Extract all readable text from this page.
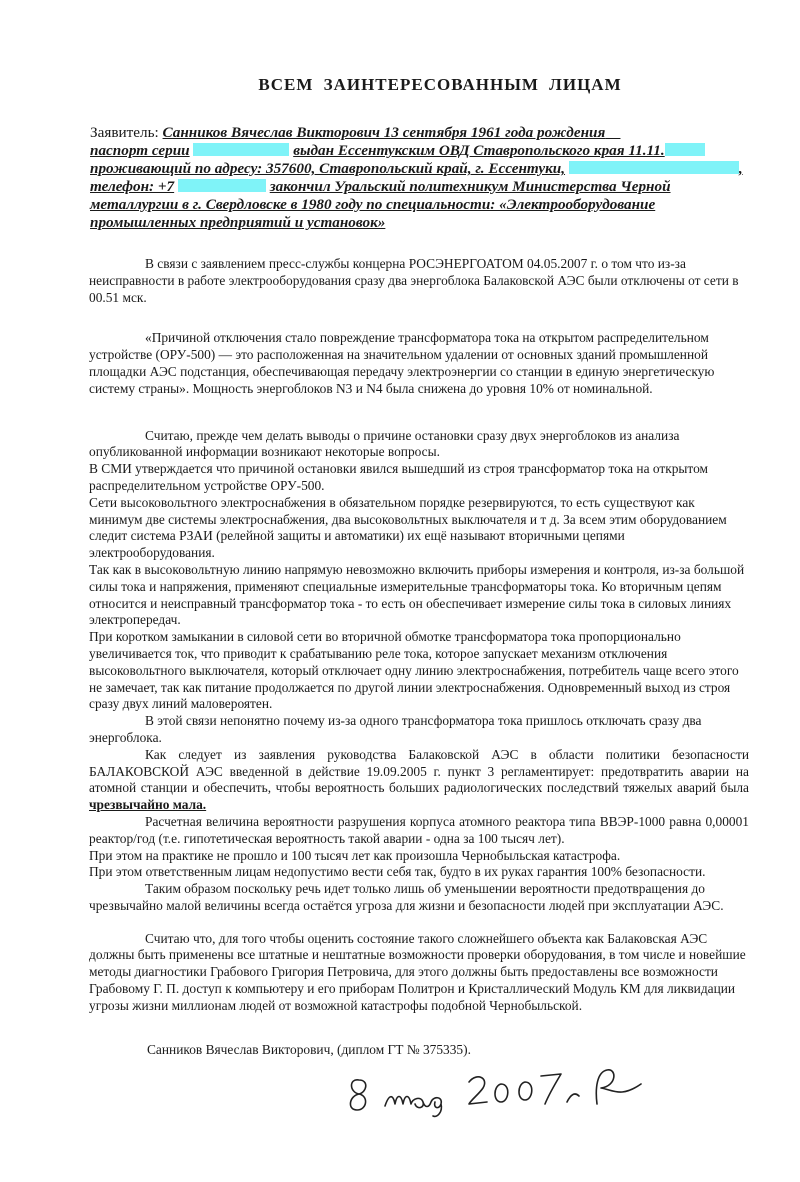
ВСЕМ ЗАИНТЕРЕСОВАННЫМ ЛИЦАМ
Заявитель: Санников Вячеслав Викторович 13 сентября 1961 года рождения
паспорт серии	выдан Ессентукским ОВД Ставропольского края 11.11.
проживающий по адресу: 357600, Ставропольский край, г. Ессентуки,	,
телефон: +7	закончил Уральский политехникум Министерства Черной
металлургии в г. Свердловске в 1980 году по специальности: «Электрооборудование
промышленных предприятий и установок»

В связи с заявлением пресс-службы концерна РОСЭНЕРГОАТОМ 04.05.2007 г. о том что из-за неисправности в работе электрооборудования сразу два энергоблока Балаковской АЭС были отключены от сети в 00.51 мск.

«Причиной отключения стало повреждение трансформатора тока на открытом распределительном устройстве (ОРУ-500) — это расположенная на значительном удалении от основных зданий промышленной площадки АЭС подстанция, обеспечивающая передачу электроэнергии со станции в единую энергетическую систему страны». Мощность энергоблоков N3 и N4 была снижена до уровня 10% от номинальной.

Считаю, прежде чем делать выводы о причине остановки сразу двух энергоблоков из анализа опубликованной информации возникают некоторые вопросы.

В СМИ утверждается что причиной остановки явился вышедший из строя трансформатор тока на открытом распределительном устройстве ОРУ-500.

Сети высоковольтного электроснабжения в обязательном порядке резервируются, то есть существуют как минимум две системы электроснабжения, два высоковольтных выключателя и т д. За всем этим оборудованием следит система РЗАИ (релейной защиты и автоматики) их ещё называют вторичными цепями электрооборудования.

Так как в высоковольтную линию напрямую невозможно включить приборы измерения и контроля, из-за большой силы тока и напряжения, применяют специальные измерительные трансформаторы тока. Ко вторичным цепям относится и неисправный трансформатор тока - то есть он обеспечивает измерение силы тока в силовых линиях электропередач.

При коротком замыкании в силовой сети во вторичной обмотке трансформатора тока пропорционально увеличивается ток, что приводит к срабатыванию реле тока, которое запускает механизм отключения высоковольтного выключателя, который отключает одну линию электроснабжения, потребитель чаще всего этого не замечает, так как питание продолжается по другой линии электроснабжения. Одновременный выход из строя сразу двух линий маловероятен.

В этой связи непонятно почему из-за одного трансформатора тока пришлось отключать сразу два энергоблока.

Как следует из заявления руководства Балаковской АЭС в области политики безопасности БАЛАКОВСКОЙ АЭС введенной в действие 19.09.2005 г. пункт 3 регламентирует: предотвратить аварии на атомной станции и обеспечить, чтобы вероятность больших радиологических последствий тяжелых аварий была чрезвычайно мала.

Расчетная величина вероятности разрушения корпуса атомного реактора типа ВВЭР-1000 равна 0,00001 реактор/год (т.е. гипотетическая вероятность такой аварии - одна за 100 тысяч лет).

При этом на практике не прошло и 100 тысяч лет как произошла Чернобыльская катастрофа.

При этом ответственным лицам недопустимо вести себя так, будто в их руках гарантия 100% безопасности.

Таким образом поскольку речь идет только лишь об уменьшении вероятности предотвращения до чрезвычайно малой величины всегда остаётся угроза для жизни и безопасности людей при эксплуатации АЭС.

Считаю что, для того чтобы оценить состояние такого сложнейшего объекта как Балаковская АЭС должны быть применены все штатные и нештатные возможности проверки оборудования, в том числе и новейшие методы диагностики Грабового Григория Петровича, для этого должны быть предоставлены все возможности Грабовому Г. П. доступ к компьютеру и его приборам Политрон и Кристаллический Модуль КМ для ликвидации угрозы жизни миллионам людей от возможной катастрофы подобной Чернобыльской.

Санников Вячеслав Викторович, (диплом ГТ № 375335).
